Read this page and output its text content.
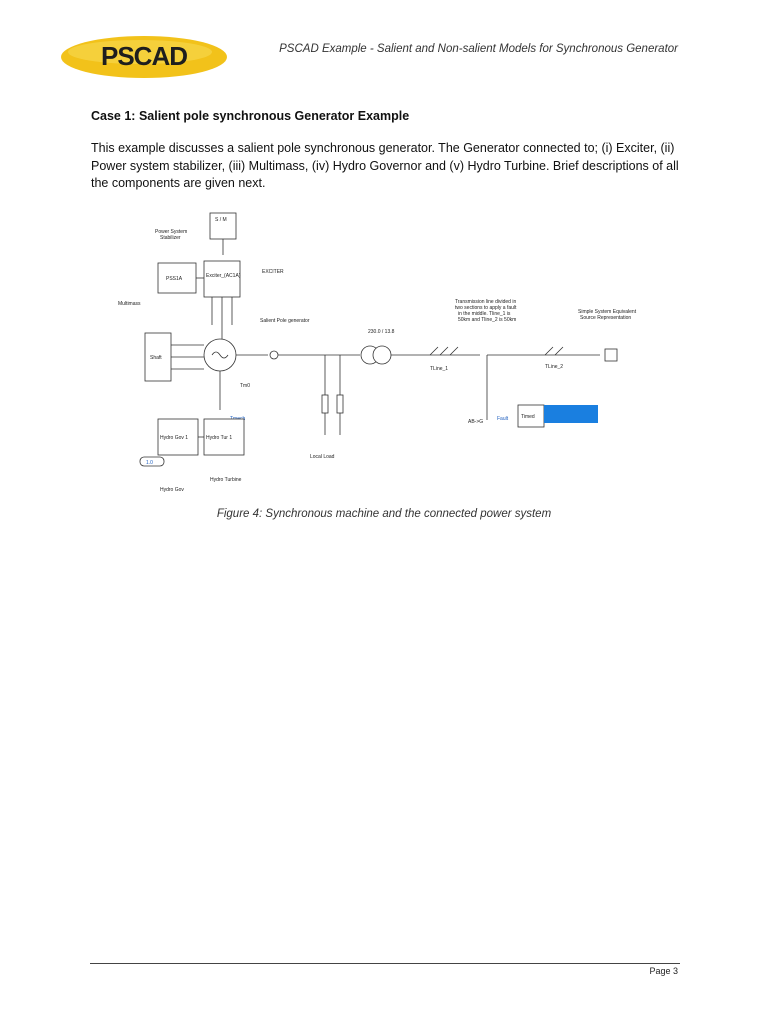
PSCAD	PSCAD Example - Salient and Non-salient Models for Synchronous Generator
Case 1: Salient pole synchronous Generator Example
This example discusses a salient pole synchronous generator. The Generator connected to; (i) Exciter, (ii) Power system stabilizer, (iii) Multimass, (iv) Hydro Governor and (v) Hydro Turbine. Brief descriptions of all the components are given next.
S / M
Power System
Stabilizer
PSS1A	Exciter_(AC1A)
EXCITER
Multimass
Shaft
Salient Pole generator
Tm0
Local Load
230.0 / 13.8
TLine_1
Transmission line divided in
two sections to apply a fault
in the middle. Tline_1 is
50km and Tline_2 is 50km
AB->G	Fault	Timed
TLine_2
Simple System Equivalent
Source Representation
Hydro Gov 1	Hydro Tur 1
1.0
Hydro Turbine
Hydro Gov
Figure 4: Synchronous machine and the connected power system
Page 3
